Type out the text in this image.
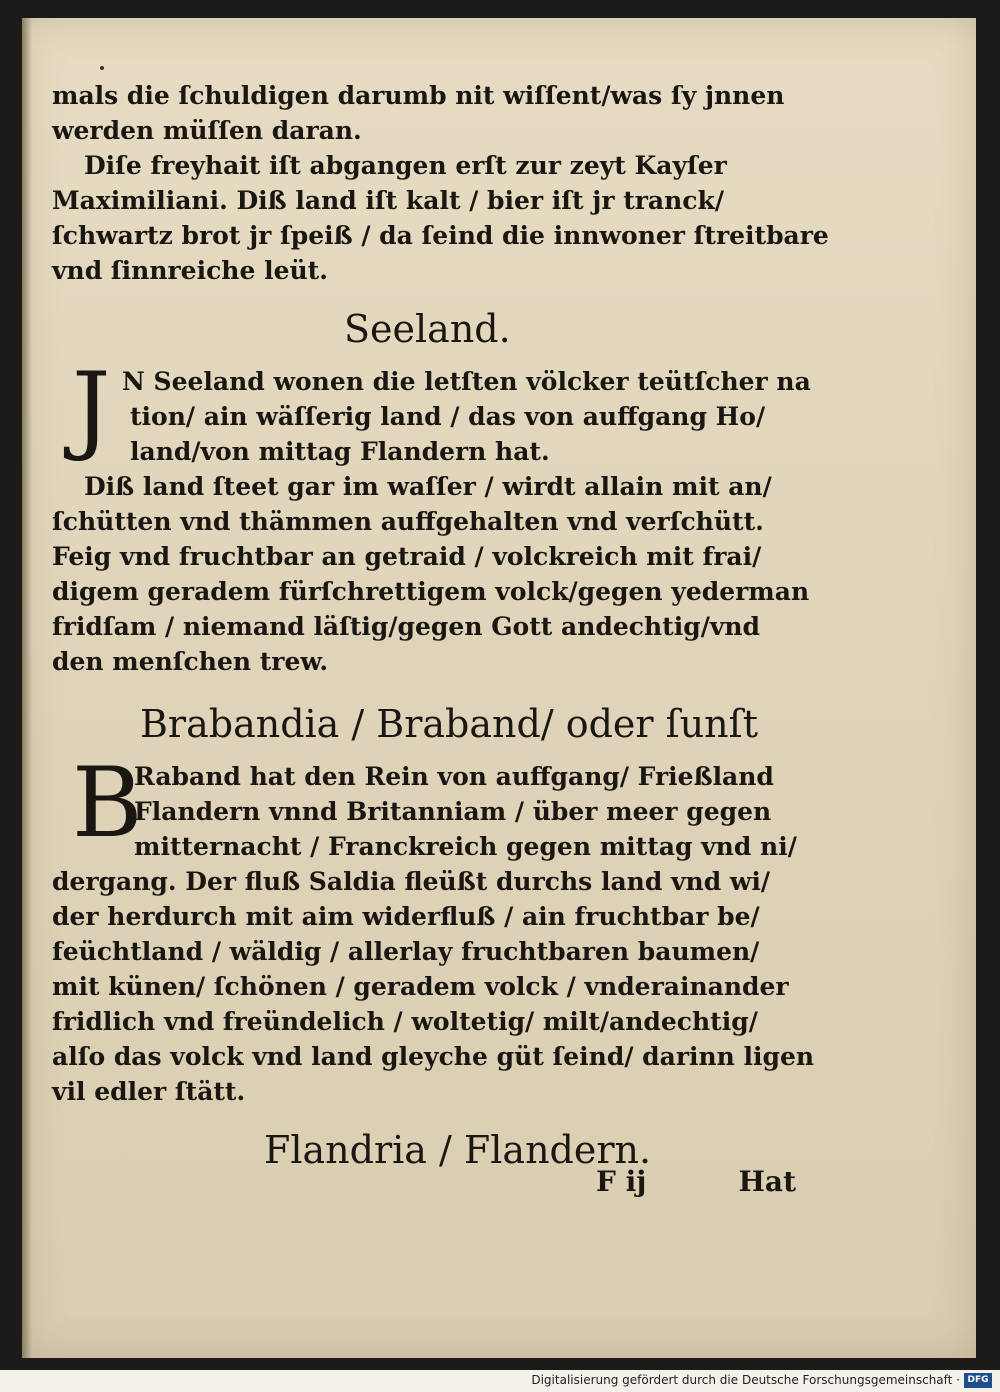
mals die ſchuldigen darumb nit wiſſent/was ſy jnnen
werden müſſen daran.
Diſe freyhait iſt abgangen erſt zur zeyt Kayſer
Maximiliani. Diß land iſt kalt / bier iſt jr tranck/
ſchwartz brot jr ſpeiß / da ſeind die innwoner ſtreitbare
vnd ſinnreiche leüt.
Seeland.
J N Seeland wonen die letſten völcker teütſcher na
tion/ ain wäſſerig land / das von auffgang Ho/
land/von mittag Flandern hat.
Diß land ſteet gar im waſſer / wirdt allain mit an/
ſchütten vnd thämmen auffgehalten vnd verſchütt.
Feig vnd fruchtbar an getraid / volckreich mit frai/
digem geradem fürſchrettigem volck/gegen yederman
fridſam / niemand läſtig/gegen Gott andechtig/vnd
den menſchen trew.
Brabandia / Braband/ oder ſunſt
B
Raband hat den Rein von auffgang/ Frießland
Flandern vnnd Britanniam / über meer gegen
mitternacht / Franckreich gegen mittag vnd ni/
dergang. Der fluß Saldia fleüßt durchs land vnd wi/
der herdurch mit aim widerfluß / ain fruchtbar be/
feüchtland / wäldig / allerlay fruchtbaren baumen/
mit künen/ ſchönen / geradem volck / vnderainander
fridlich vnd freündelich / woltetig/ milt/andechtig/
alſo das volck vnd land gleyche güt ſeind/ darinn ligen
vil edler ſtätt.
Flandria / Flandern.
F ij	Hat
Digitalisierung gefördert durch die Deutsche Forschungsgemeinschaft · DFG
